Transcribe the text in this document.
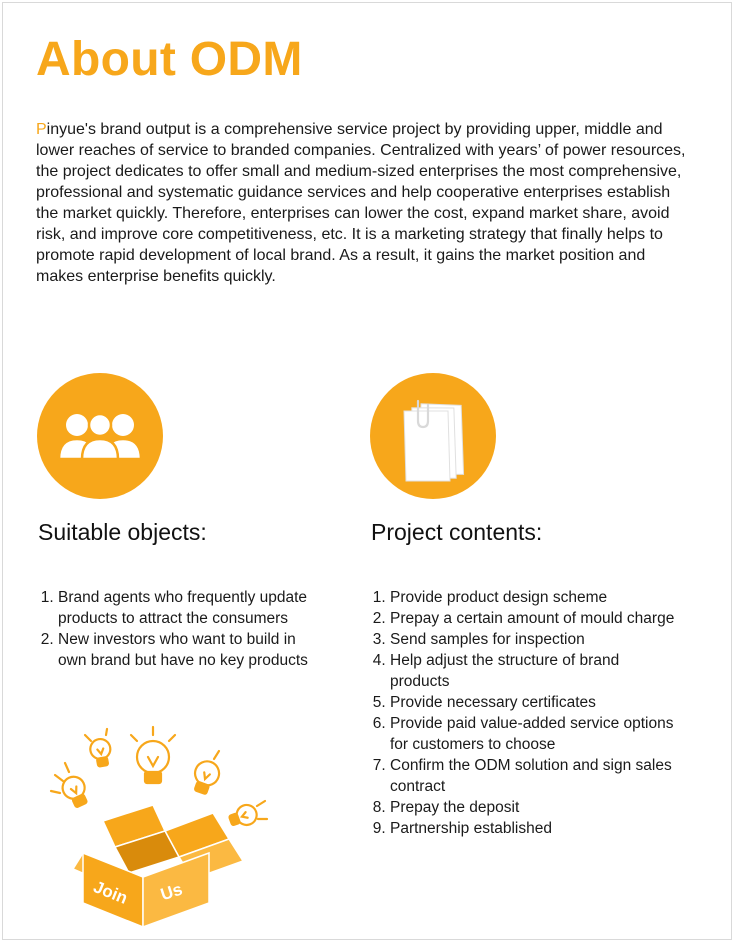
About ODM

Pinyue's brand output is a comprehensive service project by providing upper, middle and lower reaches of service to branded companies. Centralized with years’ of power resources, the project dedicates to offer small and medium-sized enterprises the most comprehensive, professional and systematic guidance services and help cooperative enterprises establish the market quickly. Therefore, enterprises can lower the cost, expand market share, avoid risk, and improve core competitiveness, etc. It is a marketing strategy that finally helps to promote rapid development of local brand. As a result, it gains the market position and makes enterprise benefits quickly.

Suitable objects:	Project contents:
1. Brand agents who frequently update products to attract the consumers
2. New investors who want to build in own brand but have no key products
1. Provide product design scheme
2. Prepay a certain amount of mould charge
3. Send samples for inspection
4. Help adjust the structure of brand products
5. Provide necessary certificates
6. Provide paid value-added service options for customers to choose
7. Confirm the ODM solution and sign sales contract
8. Prepay the deposit
9. Partnership established
Join Us
